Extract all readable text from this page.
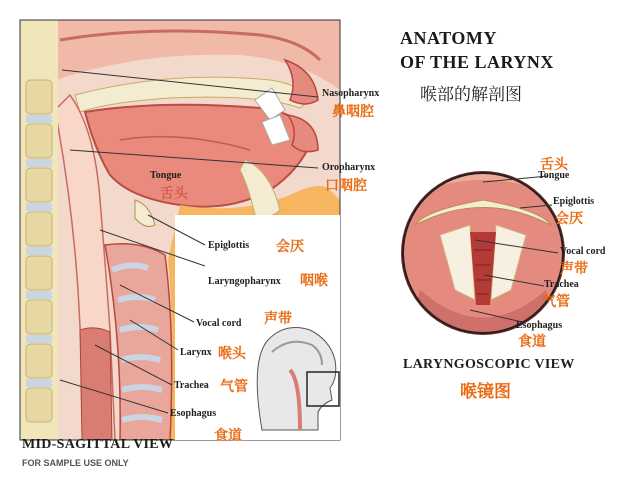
ANATOMY
OF THE LARYNX
喉部的解剖图
Nasopharynx
鼻咽腔
Oropharynx
口咽腔
Tongue
舌头
Epiglottis 会厌
Laryngopharynx 咽喉
Vocal cord 声带
Larynx 喉头
Trachea 气管
Esophagus
食道
舌头
Tongue
Epiglottis
会厌
Vocal cord
声带
Trachea
气管
Esophagus
食道
LARYNGOSCOPIC VIEW
喉镜图
MID-SAGITTAL VIEW
FOR SAMPLE USE ONLY
